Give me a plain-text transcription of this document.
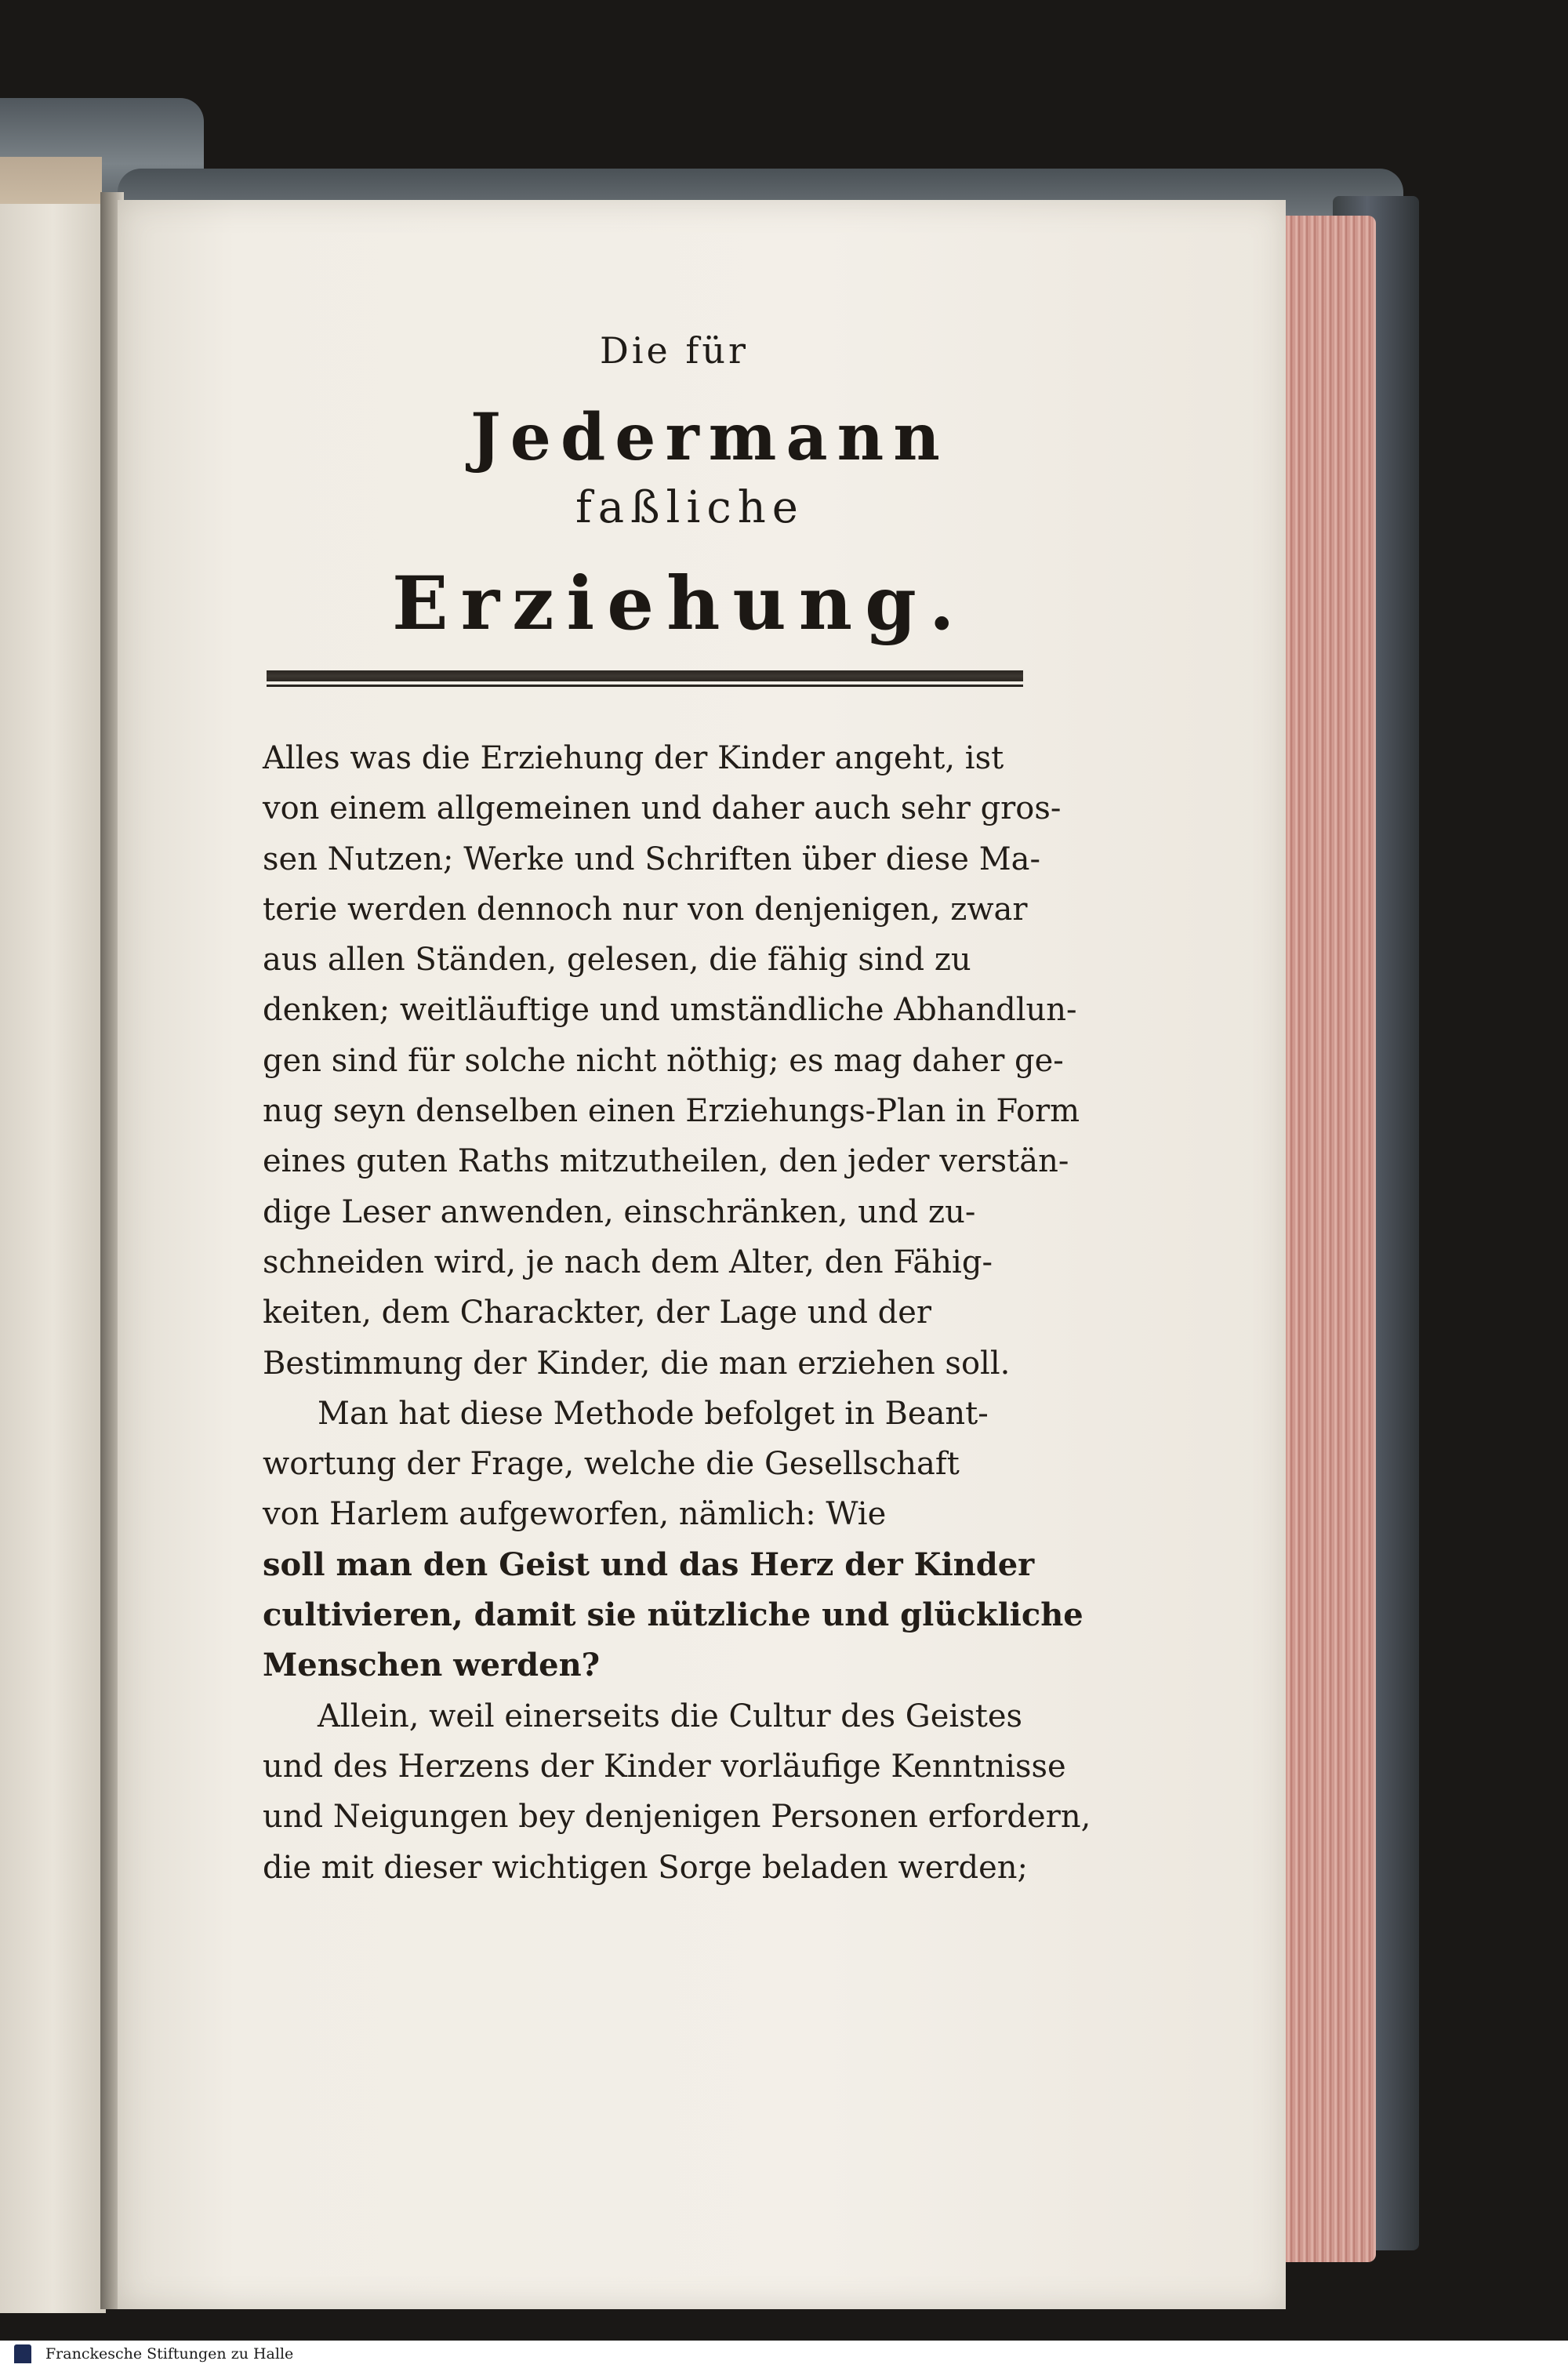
Die für
Jedermann
faßliche
Erziehung.
Alles was die Erziehung der Kinder angeht, ist
von einem allgemeinen und daher auch sehr gros-
sen Nutzen; Werke und Schriften über diese Ma-
terie werden dennoch nur von denjenigen, zwar
aus allen Ständen, gelesen, die fähig sind zu
denken; weitläuftige und umständliche Abhandlun-
gen sind für solche nicht nöthig; es mag daher ge-
nug seyn denselben einen Erziehungs-Plan in Form
eines guten Raths mitzutheilen, den jeder verstän-
dige Leser anwenden, einschränken, und zu-
schneiden wird, je nach dem Alter, den Fähig-
keiten, dem Charackter, der Lage und der
Bestimmung der Kinder, die man erziehen soll.
Man hat diese Methode befolget in Beant-
wortung der Frage, welche die Gesellschaft
von Harlem aufgeworfen, nämlich: Wie
soll man den Geist und das Herz der Kinder
cultivieren, damit sie nützliche und glückliche
Menschen werden?
Allein, weil einerseits die Cultur des Geistes
und des Herzens der Kinder vorläufige Kenntnisse
und Neigungen bey denjenigen Personen erfordern,
die mit dieser wichtigen Sorge beladen werden;
Franckesche Stiftungen zu Halle
